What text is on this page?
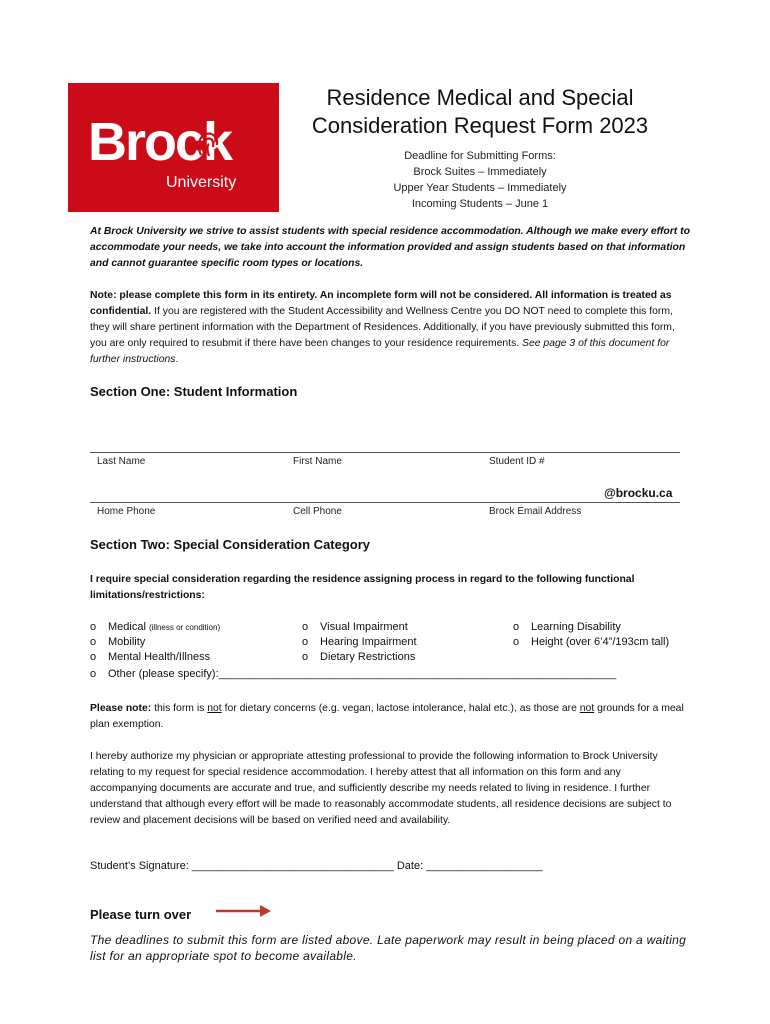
Brock
University
Residence Medical and Special
Consideration Request Form 2023
Deadline for Submitting Forms:
Brock Suites – Immediately
Upper Year Students – Immediately
Incoming Students – June 1
At Brock University we strive to assist students with special residence accommodation. Although we make every effort to accommodate your needs, we take into account the information provided and assign students based on that information and cannot guarantee specific room types or locations.
Note: please complete this form in its entirety. An incomplete form will not be considered. All information is treated as confidential. If you are registered with the Student Accessibility and Wellness Centre you DO NOT need to complete this form, they will share pertinent information with the Department of Residences. Additionally, if you have previously submitted this form, you are only required to resubmit if there have been changes to your residence requirements. See page 3 of this document for further instructions.
Section One: Student Information
Last Name	First Name	Student ID #
@brocku.ca
Home Phone	Cell Phone	Brock Email Address
Section Two: Special Consideration Category
I require special consideration regarding the residence assigning process in regard to the following functional limitations/restrictions:
o Medical (illness or condition)
o Mobility
o Mental Health/Illness
o Visual Impairment
o Hearing Impairment
o Dietary Restrictions
o Learning Disability
o Height (over 6’4”/193cm tall)
o Other (please specify):_________________________________________________________________
Please note: this form is not for dietary concerns (e.g. vegan, lactose intolerance, halal etc.), as those are not grounds for a meal plan exemption.
I hereby authorize my physician or appropriate attesting professional to provide the following information to Brock University relating to my request for special residence accommodation. I hereby attest that all information on this form and any accompanying documents are accurate and true, and sufficiently describe my needs related to living in residence. I further understand that although every effort will be made to reasonably accommodate students, all residence decisions are subject to review and placement decisions will be based on verified need and availability.
Student’s Signature: _________________________________ Date: ___________________
Please turn over
The deadlines to submit this form are listed above. Late paperwork may result in being placed on a waiting list for an appropriate spot to become available.
